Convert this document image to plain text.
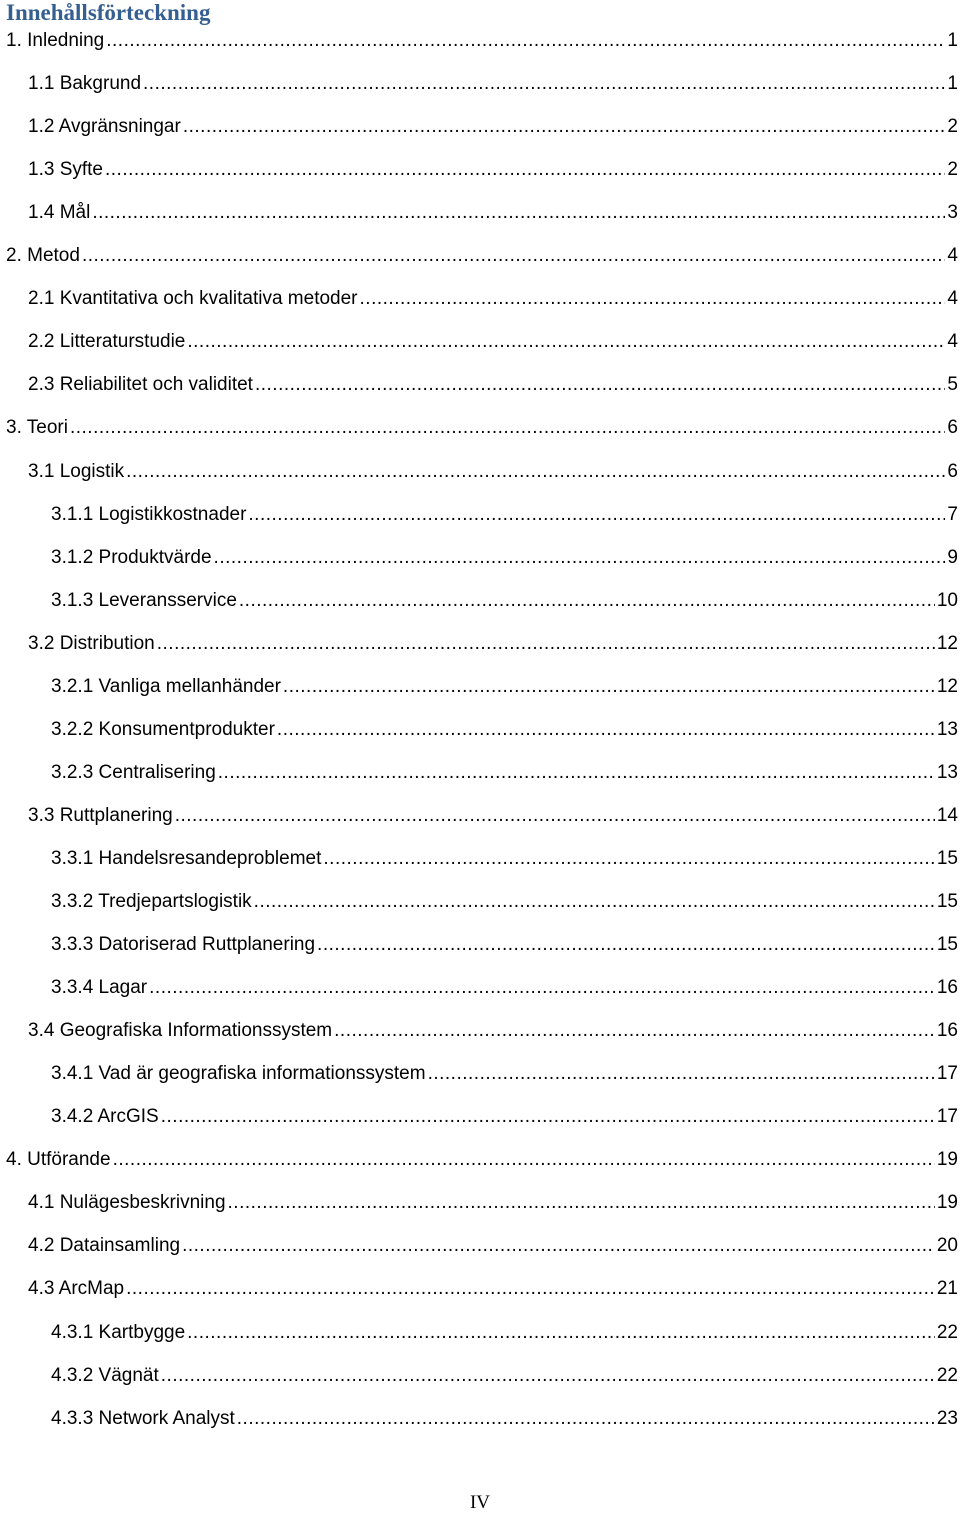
Innehållsförteckning
1. Inledning .....	1
1.1 Bakgrund .....	1
1.2 Avgränsningar .....	2
1.3 Syfte .....	2
1.4 Mål .....	3
2. Metod .....	4
2.1 Kvantitativa och kvalitativa metoder .....	4
2.2 Litteraturstudie .....	4
2.3 Reliabilitet och validitet .....	5
3. Teori .....	6
3.1 Logistik .....	6
3.1.1 Logistikkostnader .....	7
3.1.2 Produktvärde .....	9
3.1.3 Leveransservice .....	10
3.2 Distribution .....	12
3.2.1 Vanliga mellanhänder .....	12
3.2.2 Konsumentprodukter .....	13
3.2.3 Centralisering .....	13
3.3 Ruttplanering .....	14
3.3.1 Handelsresandeproblemet .....	15
3.3.2 Tredjepartslogistik .....	15
3.3.3 Datoriserad Ruttplanering .....	15
3.3.4 Lagar .....	16
3.4 Geografiska Informationssystem .....	16
3.4.1 Vad är geografiska informationssystem .....	17
3.4.2 ArcGIS .....	17
4. Utförande .....	19
4.1 Nulägesbeskrivning .....	19
4.2 Datainsamling .....	20
4.3 ArcMap .....	21
4.3.1 Kartbygge .....	22
4.3.2 Vägnät .....	22
4.3.3 Network Analyst .....	23
IV
